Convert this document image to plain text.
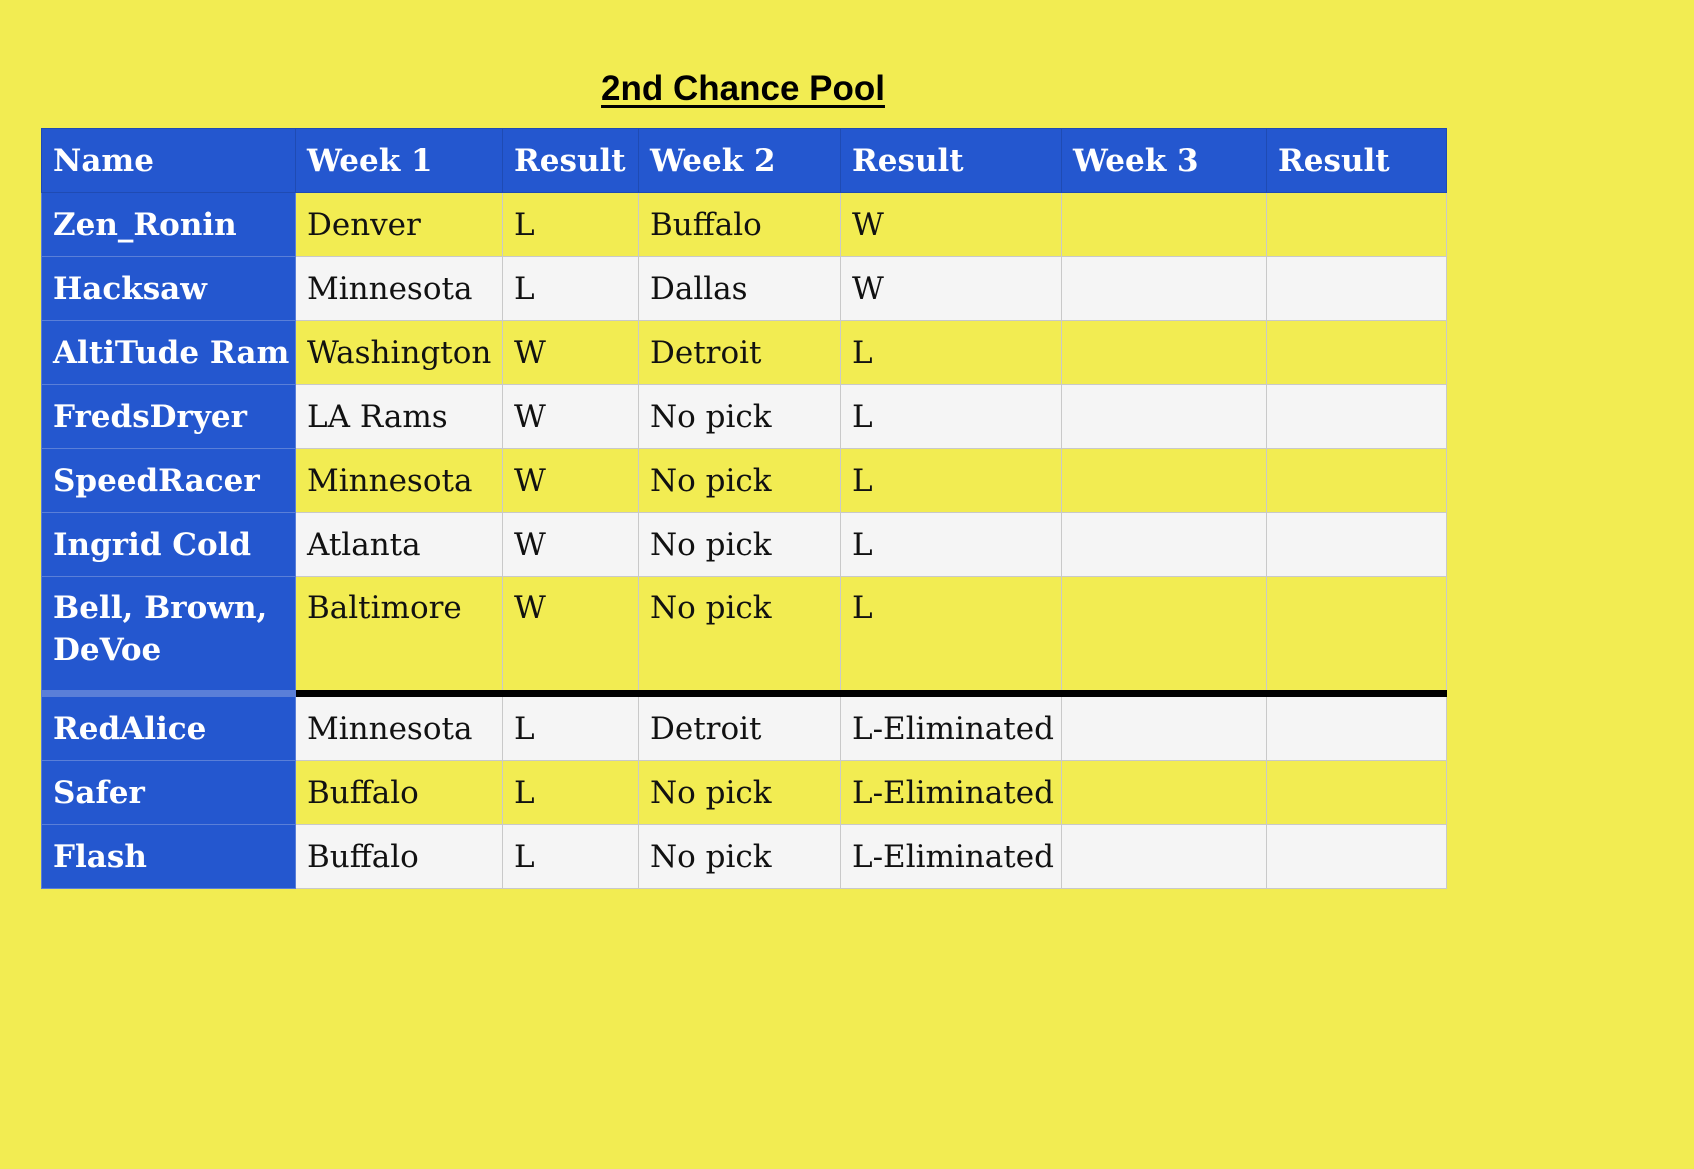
2nd Chance Pool
Name	Week 1	Result	Week 2	Result	Week 3	Result
Zen_Ronin	Denver	L	Buffalo	W		
Hacksaw	Minnesota	L	Dallas	W		
AltiTude Ram	Washington	W	Detroit	L		
FredsDryer	LA Rams	W	No pick	L		
SpeedRacer	Minnesota	W	No pick	L		
Ingrid Cold	Atlanta	W	No pick	L		
Bell, Brown, DeVoe	Baltimore	W	No pick	L		
RedAlice	Minnesota	L	Detroit	L-Eliminated		
Safer	Buffalo	L	No pick	L-Eliminated		
Flash	Buffalo	L	No pick	L-Eliminated		
